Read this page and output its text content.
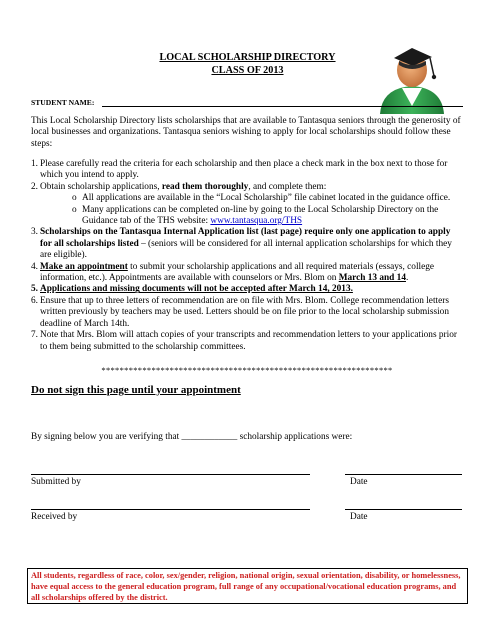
LOCAL SCHOLARSHIP DIRECTORY
CLASS OF 2013
STUDENT NAME:

This Local Scholarship Directory lists scholarships that are available to Tantasqua seniors through the generosity of local businesses and organizations. Tantasqua seniors wishing to apply for local scholarships should follow these steps:

1. Please carefully read the criteria for each scholarship and then place a check mark in the box next to those for which you intend to apply.
2. Obtain scholarship applications, read them thoroughly, and complete them:
o All applications are available in the “Local Scholarship” file cabinet located in the guidance office.
o Many applications can be completed on-line by going to the Local Scholarship Directory on the Guidance tab of the THS website: www.tantasqua.org/THS
3. Scholarships on the Tantasqua Internal Application list (last page) require only one application to apply for all scholarships listed – (seniors will be considered for all internal application scholarships for which they are eligible).
4. Make an appointment to submit your scholarship applications and all required materials (essays, college information, etc.). Appointments are available with counselors or Mrs. Blom on March 13 and 14.
5. Applications and missing documents will not be accepted after March 14, 2013.
6. Ensure that up to three letters of recommendation are on file with Mrs. Blom. College recommendation letters written previously by teachers may be used. Letters should be on file prior to the local scholarship submission deadline of March 14th.
7. Note that Mrs. Blom will attach copies of your transcripts and recommendation letters to your applications prior to them being submitted to the scholarship committees.
****************************************************************
Do not sign this page until your appointment
By signing below you are verifying that ____________ scholarship applications were:
Submitted by	Date
Received by	Date
All students, regardless of race, color, sex/gender, religion, national origin, sexual orientation, disability, or homelessness, have equal access to the general education program, full range of any occupational/vocational education programs, and all scholarships offered by the district.
